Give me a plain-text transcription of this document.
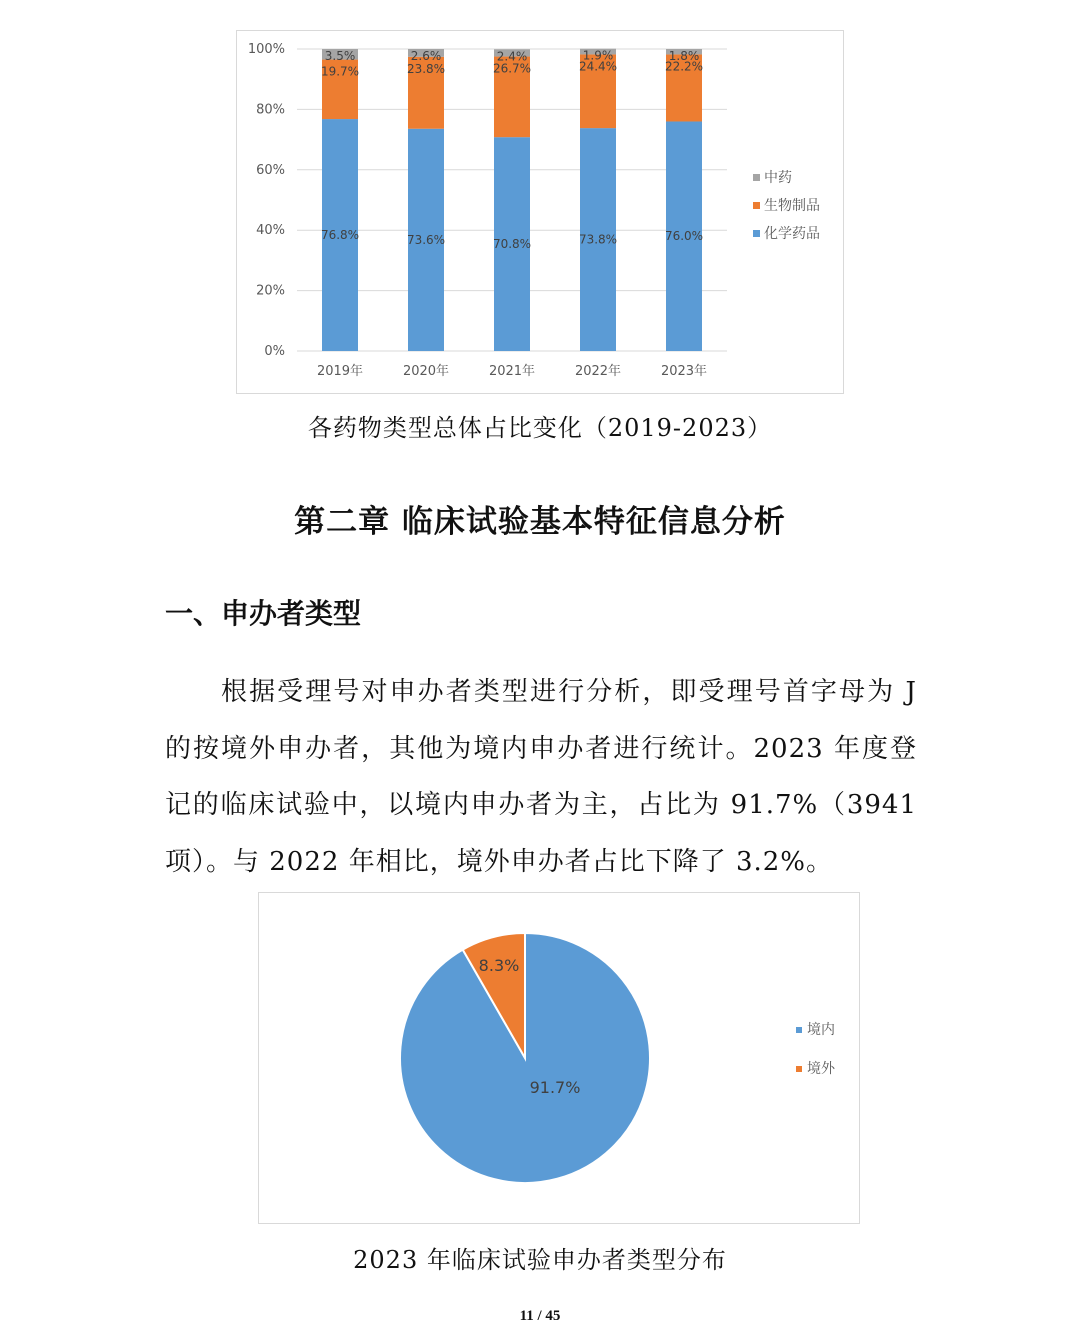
0%
20%
40%
60%
80%
100%
76.8%
19.7%
3.5%
2019年
73.6%
23.8%
2.6%
2020年
70.8%
26.7%
2.4%
2021年
73.8%
24.4%
1.9%
2022年
76.0%
22.2%
1.8%
2023年
中药
生物制品
化学药品
各药物类型总体占比变化（2019-2023）
第二章 临床试验基本特征信息分析
一、申办者类型
根据受理号对申办者类型进行分析，即受理号首字母为 J 的按境外申办者，其他为境内申办者进行统计。2023 年度登记的临床试验中，以境内申办者为主，占比为 91.7%（3941 项）。与 2022 年相比，境外申办者占比下降了 3.2%。
91.7%
8.3%
境内
境外
2023 年临床试验申办者类型分布
11 / 45
